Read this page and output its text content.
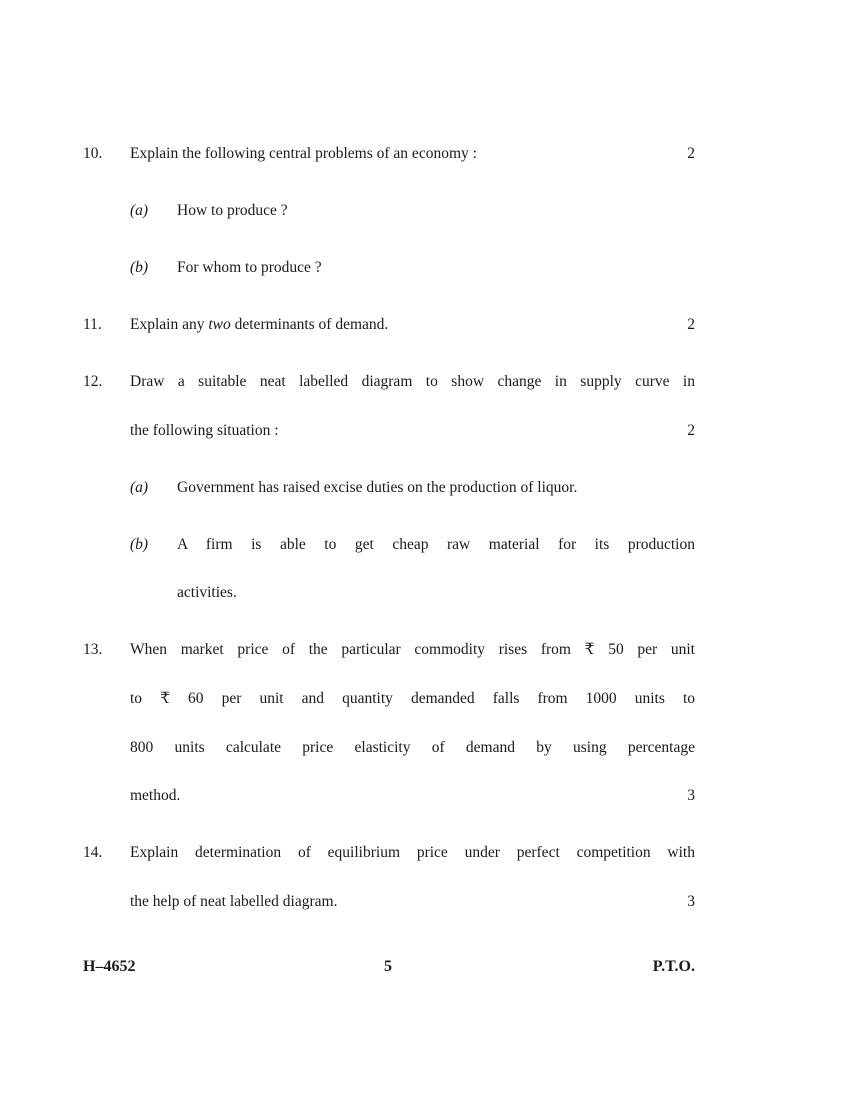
10. Explain the following central problems of an economy :	2
(a) How to produce ?
(b) For whom to produce ?
11. Explain any two determinants of demand.	2
12. Draw a suitable neat labelled diagram to show change in supply curve in
the following situation :	2
(a) Government has raised excise duties on the production of liquor.
(b) A firm is able to get cheap raw material for its production
activities.
13. When market price of the particular commodity rises from ₹ 50 per unit
to ₹ 60 per unit and quantity demanded falls from 1000 units to
800 units calculate price elasticity of demand by using percentage
method.	3
14. Explain determination of equilibrium price under perfect competition with
the help of neat labelled diagram.	3
H–4652	5	P.T.O.
